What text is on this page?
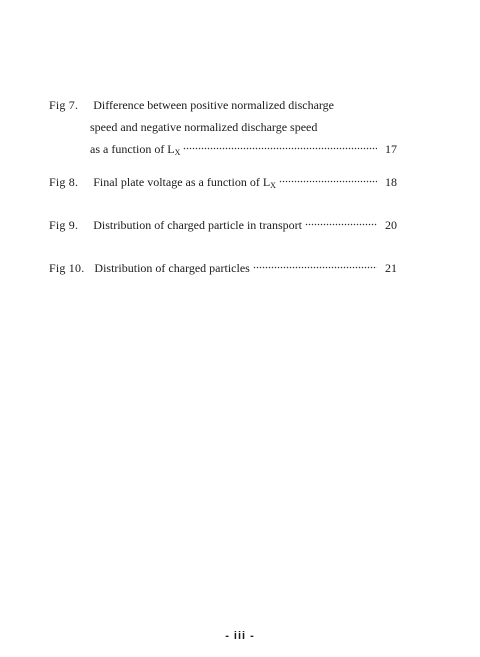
Fig 7.	Difference between positive normalized discharge
speed and negative normalized discharge speed
as a function of LX	17
Fig 8.	Final plate voltage as a function of LX	18
Fig 9.	Distribution of charged particle in transport	20
Fig 10. Distribution of charged particles	21
- iii -
